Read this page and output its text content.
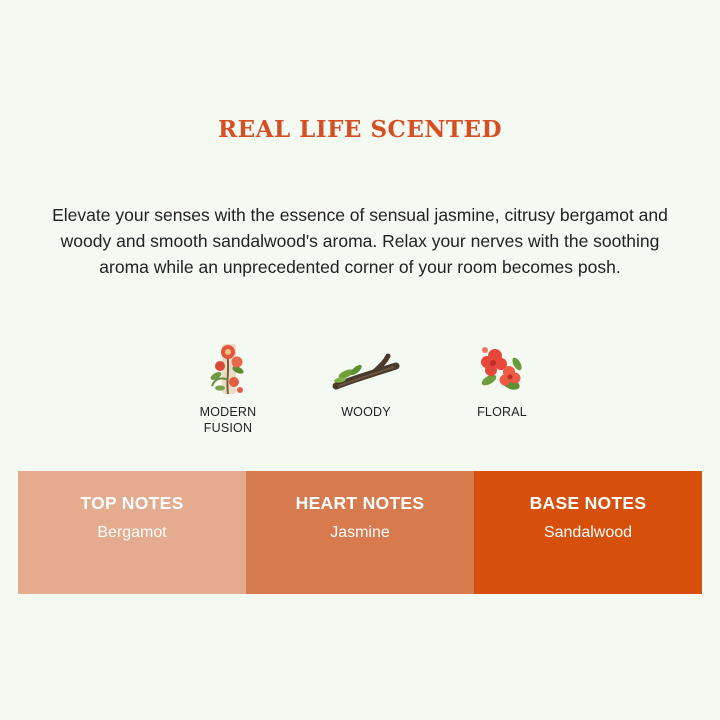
REAL LIFE SCENTED
Elevate your senses with the essence of sensual jasmine, citrusy bergamot and woody and smooth sandalwood's aroma. Relax your nerves with the soothing aroma while an unprecedented corner of your room becomes posh.
MODERN
FUSION
WOODY	FLORAL
TOP NOTES
Bergamot
HEART NOTES
Jasmine
BASE NOTES
Sandalwood
